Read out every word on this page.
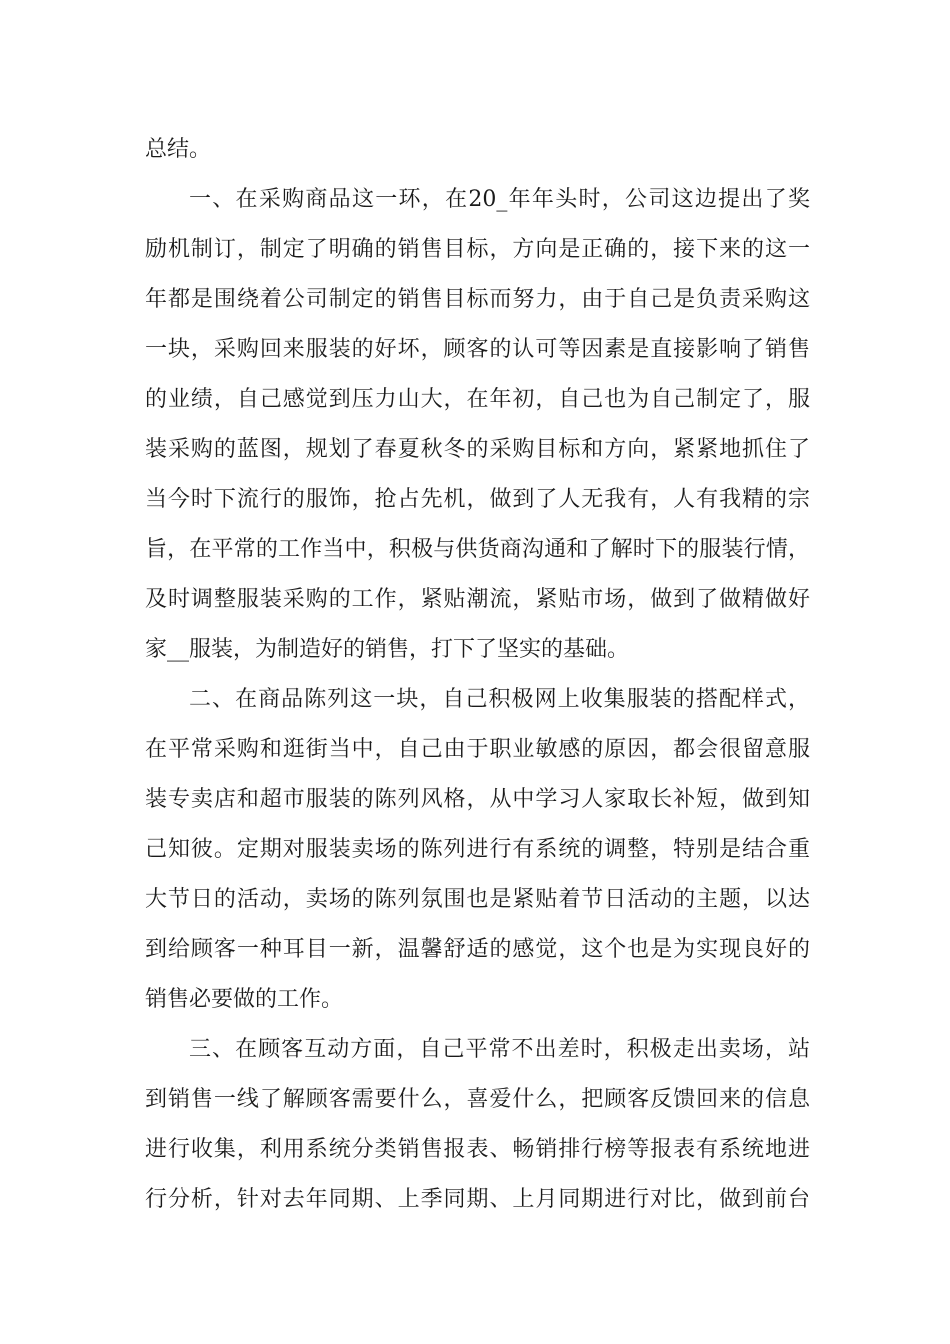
总结。
一、在采购商品这一环，在20_年年头时，公司这边提出了奖
励机制订，制定了明确的销售目标，方向是正确的，接下来的这一
年都是围绕着公司制定的销售目标而努力，由于自己是负责采购这
一块，采购回来服装的好坏，顾客的认可等因素是直接影响了销售
的业绩，自己感觉到压力山大，在年初，自己也为自己制定了，服
装采购的蓝图，规划了春夏秋冬的采购目标和方向，紧紧地抓住了
当今时下流行的服饰，抢占先机，做到了人无我有，人有我精的宗
旨，在平常的工作当中，积极与供货商沟通和了解时下的服装行情，
及时调整服装采购的工作，紧贴潮流，紧贴市场，做到了做精做好
家__服装，为制造好的销售，打下了坚实的基础。
二、在商品陈列这一块，自己积极网上收集服装的搭配样式，
在平常采购和逛街当中，自己由于职业敏感的原因，都会很留意服
装专卖店和超市服装的陈列风格，从中学习人家取长补短，做到知
己知彼。定期对服装卖场的陈列进行有系统的调整，特别是结合重
大节日的活动，卖场的陈列氛围也是紧贴着节日活动的主题，以达
到给顾客一种耳目一新，温馨舒适的感觉，这个也是为实现良好的
销售必要做的工作。
三、在顾客互动方面，自己平常不出差时，积极走出卖场，站
到销售一线了解顾客需要什么，喜爱什么，把顾客反馈回来的信息
进行收集，利用系统分类销售报表、畅销排行榜等报表有系统地进
行分析，针对去年同期、上季同期、上月同期进行对比，做到前台
